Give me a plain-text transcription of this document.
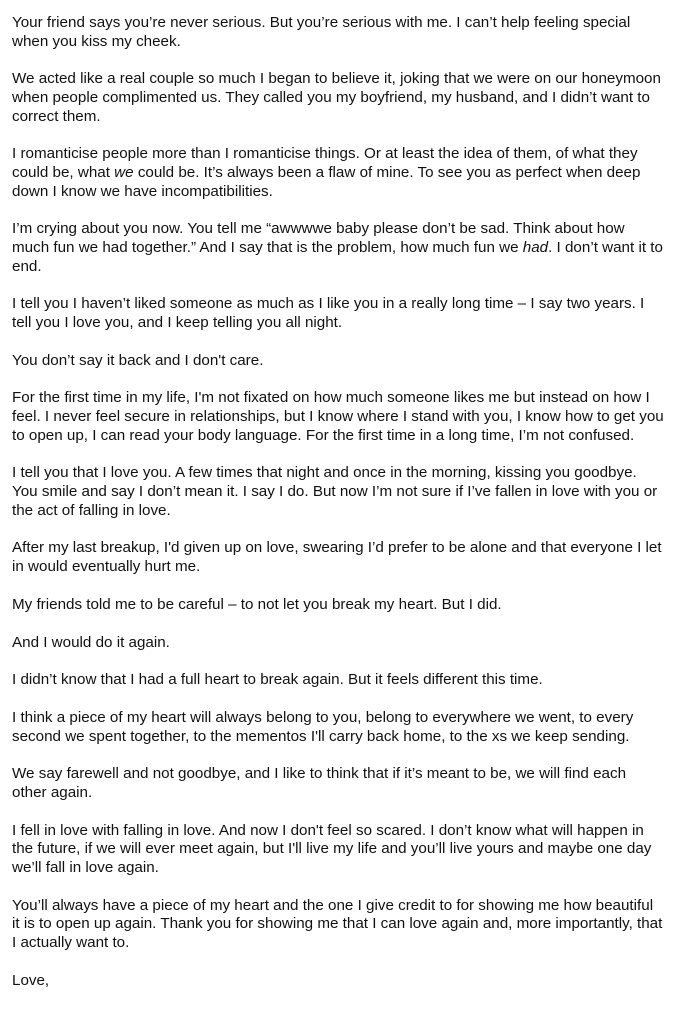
Your friend says you’re never serious. But you’re serious with me. I can’t help feeling special when you kiss my cheek.

We acted like a real couple so much I began to believe it, joking that we were on our honeymoon when people complimented us. They called you my boyfriend, my husband, and I didn’t want to correct them.

I romanticise people more than I romanticise things. Or at least the idea of them, of what they could be, what we could be. It’s always been a flaw of mine. To see you as perfect when deep down I know we have incompatibilities.

I’m crying about you now. You tell me “awwwwe baby please don’t be sad. Think about how much fun we had together.” And I say that is the problem, how much fun we had. I don’t want it to end.

I tell you I haven’t liked someone as much as I like you in a really long time – I say two years. I tell you I love you, and I keep telling you all night.

You don’t say it back and I don't care.

For the first time in my life, I'm not fixated on how much someone likes me but instead on how I feel. I never feel secure in relationships, but I know where I stand with you, I know how to get you to open up, I can read your body language. For the first time in a long time, I’m not confused.

I tell you that I love you. A few times that night and once in the morning, kissing you goodbye. You smile and say I don’t mean it. I say I do. But now I’m not sure if I’ve fallen in love with you or the act of falling in love.

After my last breakup, I'd given up on love, swearing I’d prefer to be alone and that everyone I let in would eventually hurt me.

My friends told me to be careful – to not let you break my heart. But I did.

And I would do it again.

I didn’t know that I had a full heart to break again. But it feels different this time.

I think a piece of my heart will always belong to you, belong to everywhere we went, to every second we spent together, to the mementos I'll carry back home, to the xs we keep sending.

We say farewell and not goodbye, and I like to think that if it’s meant to be, we will find each other again.

I fell in love with falling in love. And now I don't feel so scared. I don’t know what will happen in the future, if we will ever meet again, but I'll live my life and you’ll live yours and maybe one day we’ll fall in love again.

You’ll always have a piece of my heart and the one I give credit to for showing me how beautiful it is to open up again. Thank you for showing me that I can love again and, more importantly, that I actually want to.

Love,
